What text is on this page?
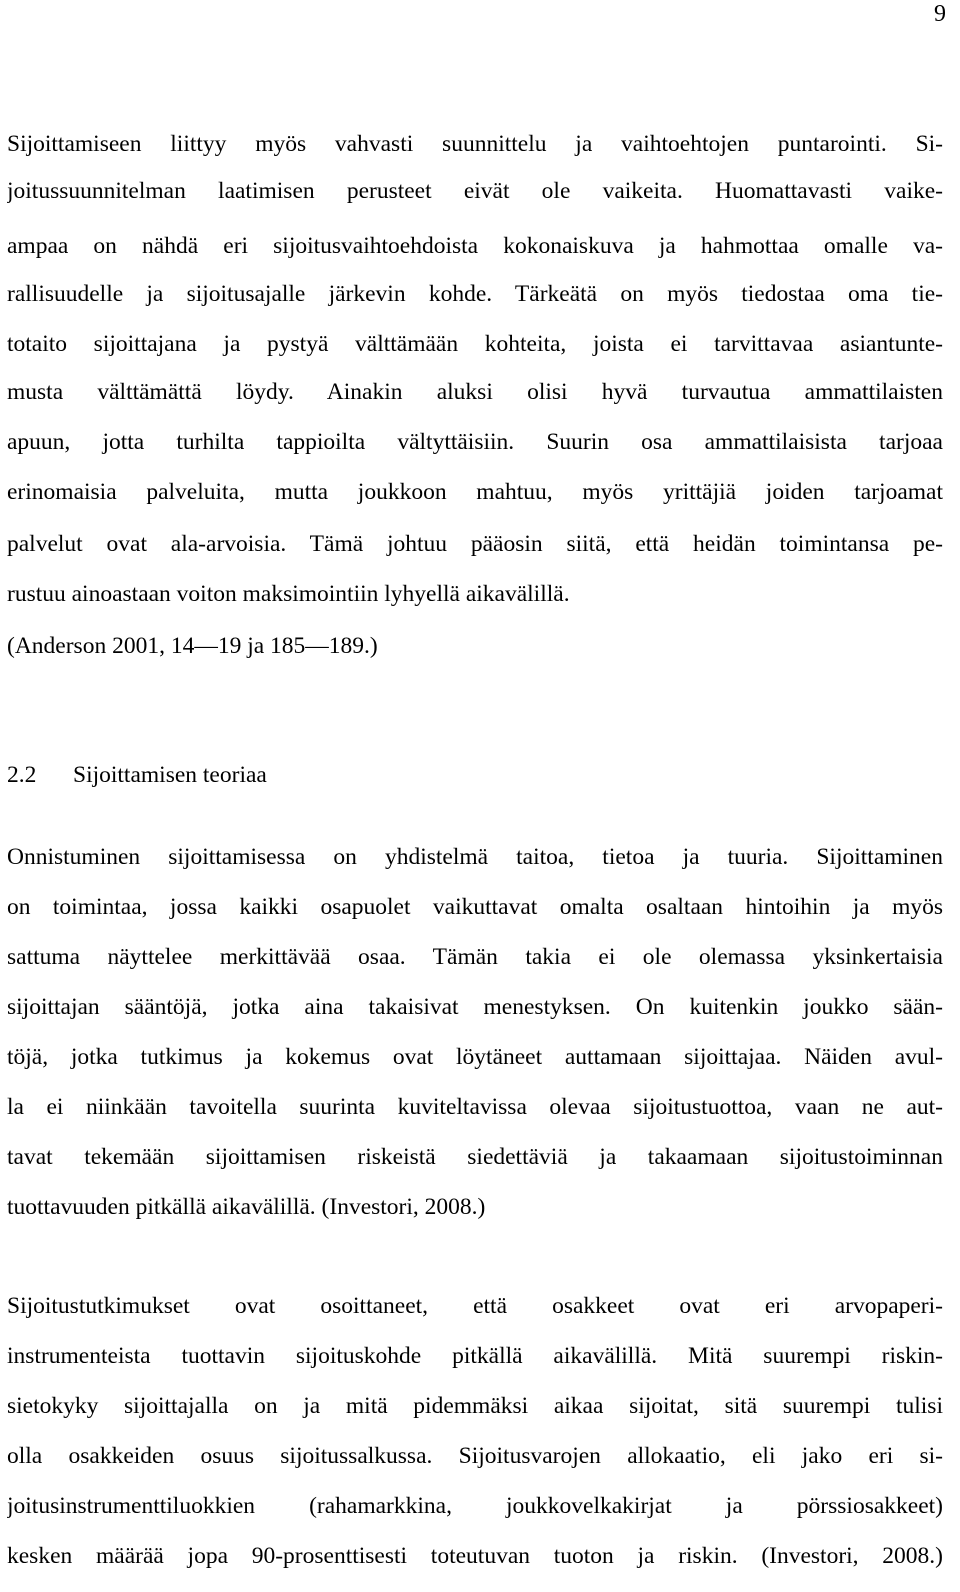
9
Sijoittamiseen liittyy myös vahvasti suunnittelu ja vaihtoehtojen puntarointi. Si-
joitussuunnitelman laatimisen perusteet eivät ole vaikeita. Huomattavasti vaike-
ampaa on nähdä eri sijoitusvaihtoehdoista kokonaiskuva ja hahmottaa omalle va-
rallisuudelle ja sijoitusajalle järkevin kohde. Tärkeätä on myös tiedostaa oma tie-
totaito sijoittajana ja pystyä välttämään kohteita, joista ei tarvittavaa asiantunte-
musta välttämättä löydy. Ainakin aluksi olisi hyvä turvautua ammattilaisten
apuun, jotta turhilta tappioilta vältyttäisiin. Suurin osa ammattilaisista tarjoaa
erinomaisia palveluita, mutta joukkoon mahtuu, myös yrittäjiä joiden tarjoamat
palvelut ovat ala-arvoisia. Tämä johtuu pääosin siitä, että heidän toimintansa pe-
rustuu ainoastaan voiton maksimointiin lyhyellä aikavälillä.
(Anderson 2001, 14—19 ja 185—189.)
2.2 Sijoittamisen teoriaa
Onnistuminen sijoittamisessa on yhdistelmä taitoa, tietoa ja tuuria. Sijoittaminen
on toimintaa, jossa kaikki osapuolet vaikuttavat omalta osaltaan hintoihin ja myös
sattuma näyttelee merkittävää osaa. Tämän takia ei ole olemassa yksinkertaisia
sijoittajan sääntöjä, jotka aina takaisivat menestyksen. On kuitenkin joukko sään-
töjä, jotka tutkimus ja kokemus ovat löytäneet auttamaan sijoittajaa. Näiden avul-
la ei niinkään tavoitella suurinta kuviteltavissa olevaa sijoitustuottoa, vaan ne aut-
tavat tekemään sijoittamisen riskeistä siedettäviä ja takaamaan sijoitustoiminnan
tuottavuuden pitkällä aikavälillä. (Investori, 2008.)
Sijoitustutkimukset ovat osoittaneet, että osakkeet ovat eri arvopaperi-
instrumenteista tuottavin sijoituskohde pitkällä aikavälillä. Mitä suurempi riskin-
sietokyky sijoittajalla on ja mitä pidemmäksi aikaa sijoitat, sitä suurempi tulisi
olla osakkeiden osuus sijoitussalkussa. Sijoitusvarojen allokaatio, eli jako eri si-
joitusinstrumenttiluokkien (rahamarkkina, joukkovelkakirjat ja pörssiosakkeet)
kesken määrää jopa 90-prosenttisesti toteutuvan tuoton ja riskin. (Investori, 2008.)
